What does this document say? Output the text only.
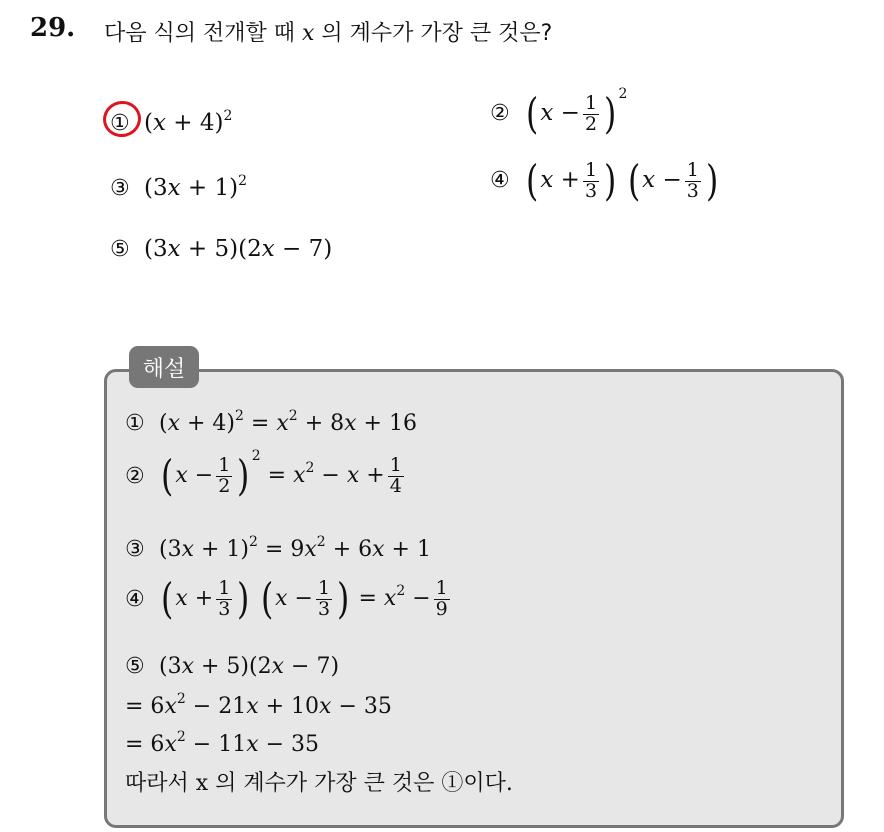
29. 다음 식의 전개할 때 x 의 계수가 가장 큰 것은?
① $(x + 4)^2$	② ($x - \frac{1}{2}$ ) $^2$
③ $(3x + 1)^2$	④ ($x + \frac{1}{3}$ ) ($x - \frac{1}{3}$ )
⑤ (3x + 5)(2x − 7)
해설
① $(x + 4)^2 = x^2 + 8x + 16$
② ($x - \frac{1}{2}$ ) $^2 = x^2 - x + \frac{1}{4}$
③ $(3x + 1)^2 = 9x^2 + 6x + 1$
④ ($x + \frac{1}{3}$ ) ($x - \frac{1}{3}$ ) = $x^2 - \frac{1}{9}$
⑤ (3x + 5)(2x − 7)
= $6x^2 - 21x + 10x - 35$
= $6x^2 - 11x - 35$
따라서 x 의 계수가 가장 큰 것은 ①이다.
